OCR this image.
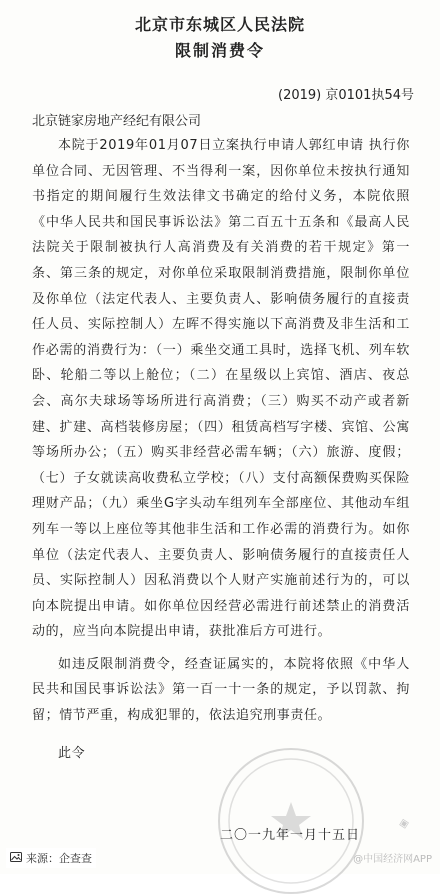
北京市东城区人民法院
限制消费令
(2019) 京0101执54号
北京链家房地产经纪有限公司

本院于2019年01月07日立案执行申请人郭红申请 执行你单位合同、无因管理、不当得利一案，因你单位未按执行通知书指定的期间履行生效法律文书确定的给付义务，本院依照《中华人民共和国民事诉讼法》第二百五十五条和《最高人民法院关于限制被执行人高消费及有关消费的若干规定》第一条、第三条的规定，对你单位采取限制消费措施，限制你单位及你单位（法定代表人、主要负责人、影响债务履行的直接责任人员、实际控制人）左晖不得实施以下高消费及非生活和工作必需的消费行为：（一）乘坐交通工具时，选择飞机、列车软卧、轮船二等以上舱位；（二）在星级以上宾馆、酒店、夜总会、高尔夫球场等场所进行高消费；（三）购买不动产或者新建、扩建、高档装修房屋；（四）租赁高档写字楼、宾馆、公寓等场所办公；（五）购买非经营必需车辆；（六）旅游、度假；（七）子女就读高收费私立学校；（八）支付高额保费购买保险理财产品；（九）乘坐G字头动车组列车全部座位、其他动车组列车一等以上座位等其他非生活和工作必需的消费行为。如你单位（法定代表人、主要负责人、影响债务履行的直接责任人员、实际控制人）因私消费以个人财产实施前述行为的，可以向本院提出申请。如你单位因经营必需进行前述禁止的消费活动的，应当向本院提出申请，获批准后方可进行。

如违反限制消费令，经查证属实的，本院将依照《中华人民共和国民事诉讼法》第一百一十一条的规定，予以罚款、拘留；情节严重，构成犯罪的，依法追究刑事责任。

此令

二〇一九年一月十五日
◈
来源：企查查	@中国经济网APP
